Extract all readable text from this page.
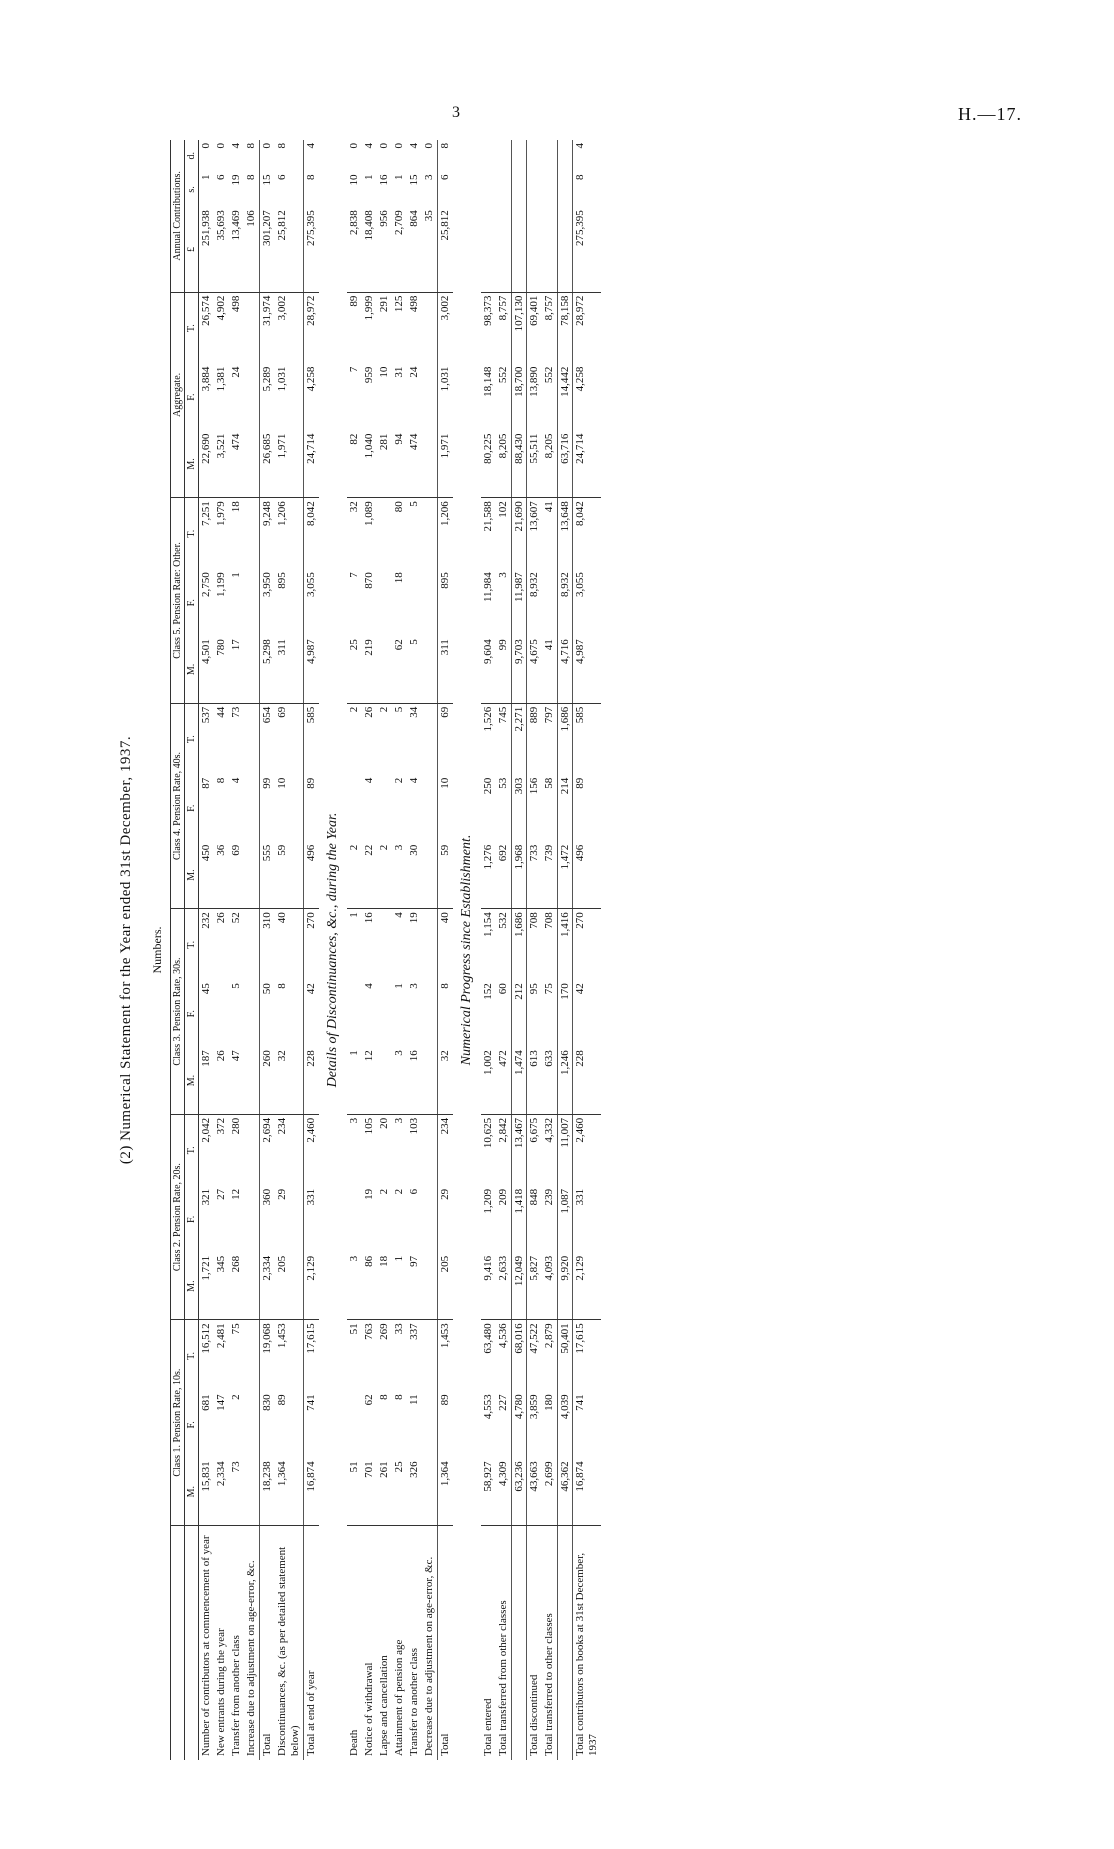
3	H.—17.
(2) Numerical Statement for the Year ended 31st December, 1937. Numbers.
	Class 1. Pension Rate, 10s.			Class 2. Pension Rate, 20s.			Class 3. Pension Rate, 30s.			Class 4. Pension Rate, 40s.			Class 5. Pension Rate: Other.			Aggregate.			Annual Contributions.		
	M.	F.	T.	M.	F.	T.	M.	F.	T.	M.	F.	T.	M.	F.	T.	M.	F.	T.	£	s.	d.
Number of contributors at commencement of year	15,831	681	16,512	1,721	321	2,042	187	45	232	450	87	537	4,501	2,750	7,251	22,690	3,884	26,574	251,938	1	0
New entrants during the year	2,334	147	2,481	345	27	372	26		26	36	8	44	780	1,199	1,979	3,521	1,381	4,902	35,693	6	0
Transfer from another class	73	2	75	268	12	280	47	5	52	69	4	73	17	1	18	474	24	498	13,469	19	4
Increase due to adjustment on age-error, &c.																			106	8	8
Total	18,238	830	19,068	2,334	360	2,694	260	50	310	555	99	654	5,298	3,950	9,248	26,685	5,289	31,974	301,207	15	0
Discontinuances, &c. (as per detailed statement below)	1,364	89	1,453	205	29	234	32	8	40	59	10	69	311	895	1,206	1,971	1,031	3,002	25,812	6	8
Total at end of year	16,874	741	17,615	2,129	331	2,460	228	42	270	496	89	585	4,987	3,055	8,042	24,714	4,258	28,972	275,395	8	4
Details of Discontinuances, &c., during the Year.																					
Death	51		51	3		3	1		1	2		2	25	7	32	82	7	89	2,838	10	0
Notice of withdrawal	701	62	763	86	19	105	12	4	16	22	4	26	219	870	1,089	1,040	959	1,999	18,408	1	4
Lapse and cancellation	261	8	269	18	2	20				2		2				281	10	291	956	16	0
Attainment of pension age	25	8	33	1	2	3	3	1	4	3	2	5	62	18	80	94	31	125	2,709	1	0
Transfer to another class	326	11	337	97	6	103	16	3	19	30	4	34	5		5	474	24	498	864	15	4
Decrease due to adjustment on age-error, &c.																			35	3	0
Total	1,364	89	1,453	205	29	234	32	8	40	59	10	69	311	895	1,206	1,971	1,031	3,002	25,812	6	8
Numerical Progress since Establishment.																					
Total entered	58,927	4,553	63,480	9,416	1,209	10,625	1,002	152	1,154	1,276	250	1,526	9,604	11,984	21,588	80,225	18,148	98,373			
Total transferred from other classes	4,309	227	4,536	2,633	209	2,842	472	60	532	692	53	745	99	3	102	8,205	552	8,757			
	63,236	4,780	68,016	12,049	1,418	13,467	1,474	212	1,686	1,968	303	2,271	9,703	11,987	21,690	88,430	18,700	107,130			
Total discontinued	43,663	3,859	47,522	5,827	848	6,675	613	95	708	733	156	889	4,675	8,932	13,607	55,511	13,890	69,401			
Total transferred to other classes	2,699	180	2,879	4,093	239	4,332	633	75	708	739	58	797	41		41	8,205	552	8,757			
	46,362	4,039	50,401	9,920	1,087	11,007	1,246	170	1,416	1,472	214	1,686	4,716	8,932	13,648	63,716	14,442	78,158			
Total contributors on books at 31st December, 1937	16,874	741	17,615	2,129	331	2,460	228	42	270	496	89	585	4,987	3,055	8,042	24,714	4,258	28,972	275,395	8	4
